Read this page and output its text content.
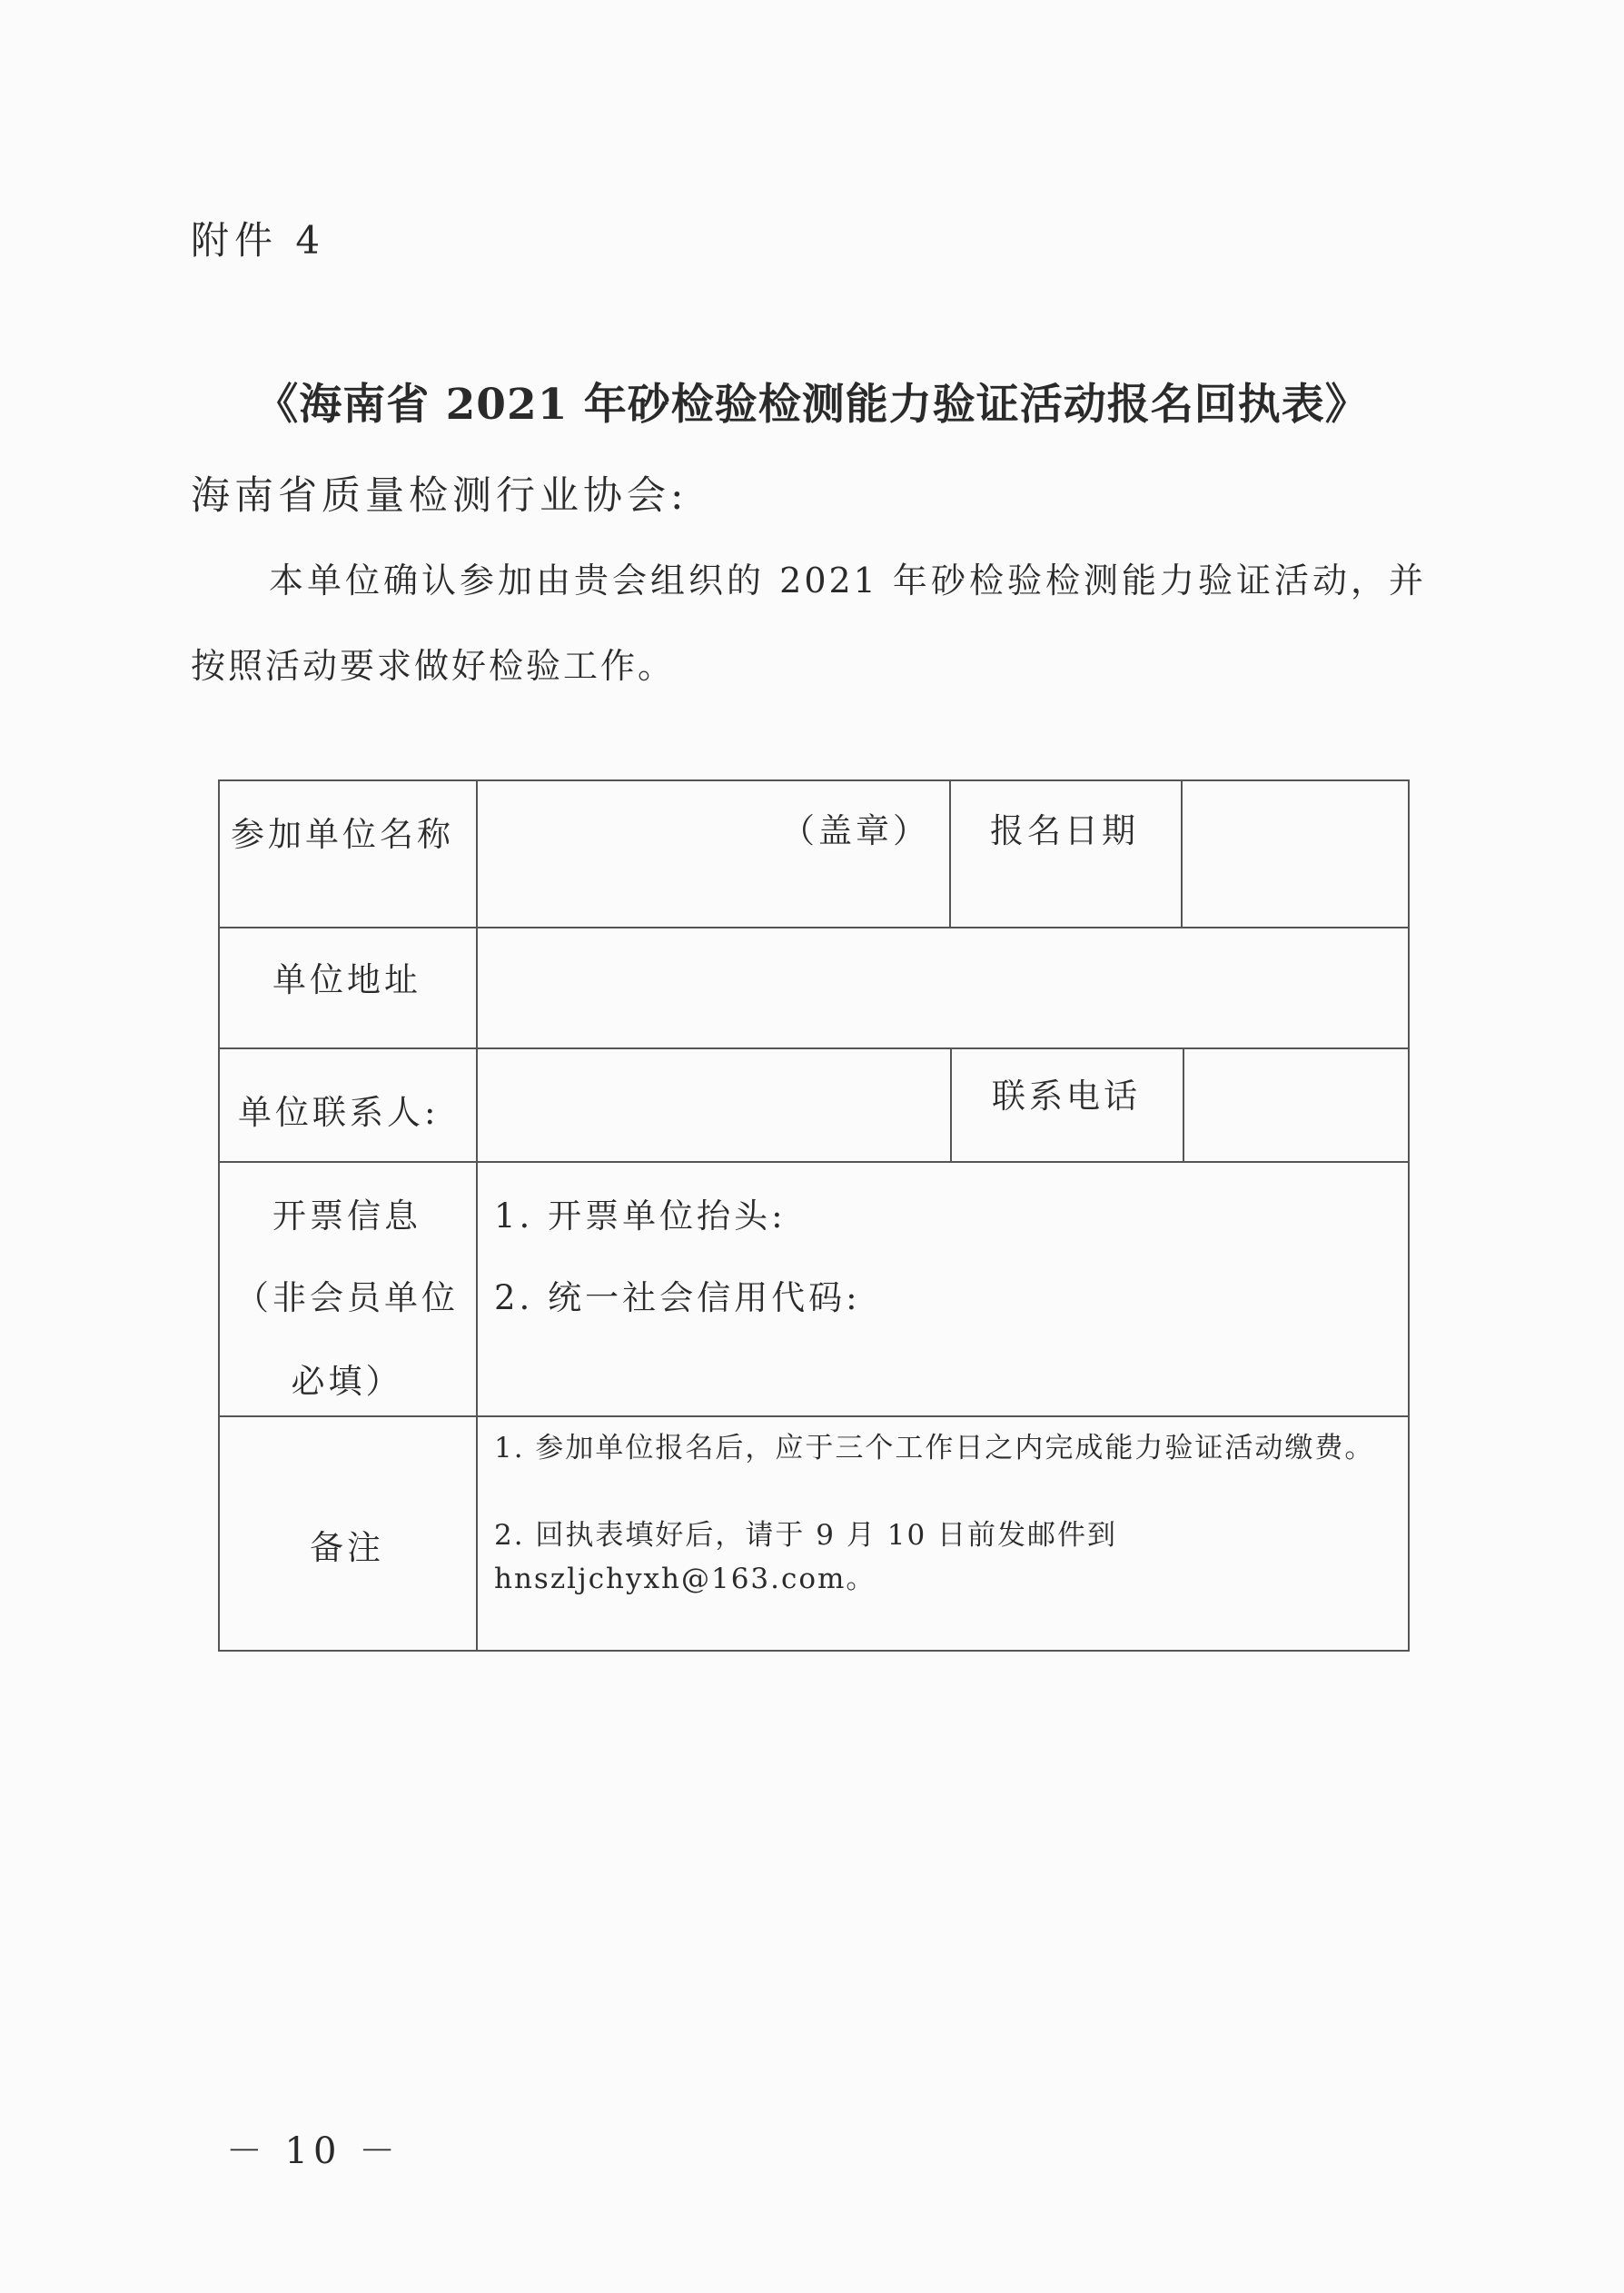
附件 4
《海南省 2021 年砂检验检测能力验证活动报名回执表》
海南省质量检测行业协会:
本单位确认参加由贵会组织的 2021 年砂检验检测能力验证活动，并按照活动要求做好检验工作。
参加单位名称	（盖章） 报名日期
单位地址
单位联系人:	联系电话
开票信息
（非会员单位
必填）
1. 开票单位抬头:
2. 统一社会信用代码:
备注
1. 参加单位报名后，应于三个工作日之内完成能力验证活动缴费。
2. 回执表填好后，请于 9 月 10 日前发邮件到 hnszljchyxh@163.com。
－ 10 －
